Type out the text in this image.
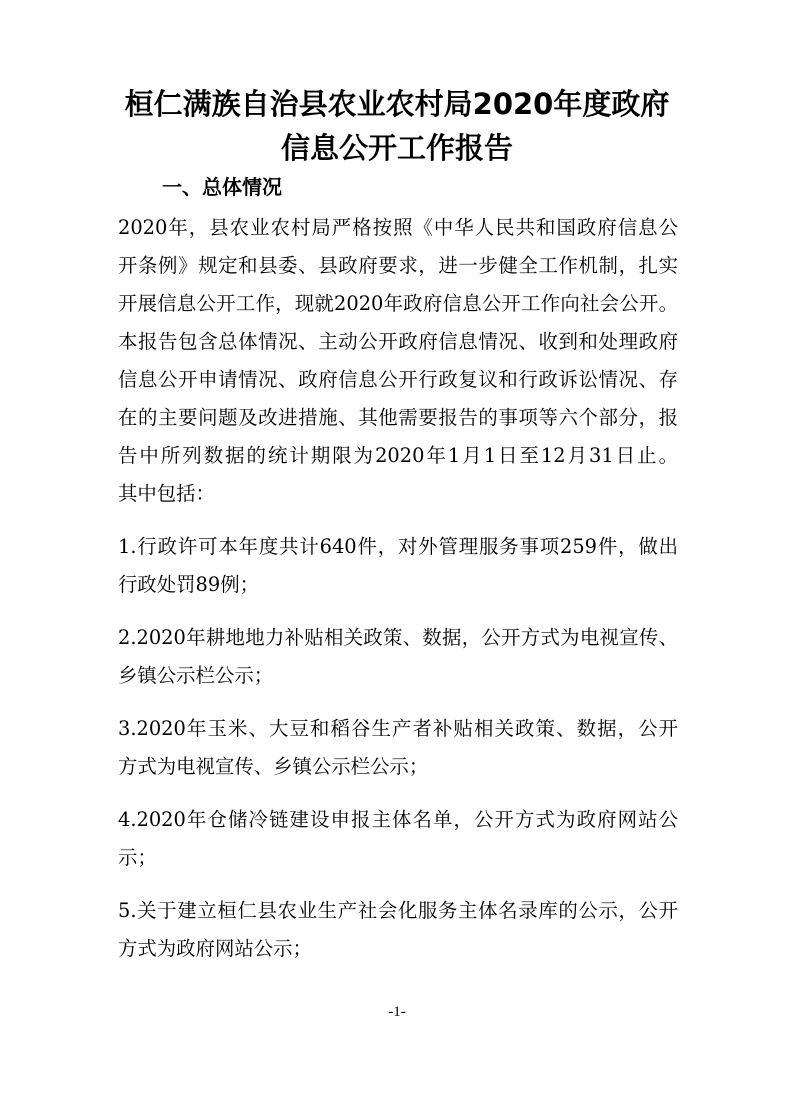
桓仁满族自治县农业农村局2020年度政府
信息公开工作报告
一、总体情况
2020年，县农业农村局严格按照《中华人民共和国政府信息公
开条例》规定和县委、县政府要求，进一步健全工作机制，扎实
开展信息公开工作，现就2020年政府信息公开工作向社会公开。
本报告包含总体情况、主动公开政府信息情况、收到和处理政府
信息公开申请情况、政府信息公开行政复议和行政诉讼情况、存
在的主要问题及改进措施、其他需要报告的事项等六个部分，报
告中所列数据的统计期限为2020年1月1日至12月31日止。
其中包括：
1.行政许可本年度共计640件，对外管理服务事项259件，做出
行政处罚89例；
2.2020年耕地地力补贴相关政策、数据，公开方式为电视宣传、
乡镇公示栏公示；
3.2020年玉米、大豆和稻谷生产者补贴相关政策、数据，公开
方式为电视宣传、乡镇公示栏公示；
4.2020年仓储冷链建设申报主体名单，公开方式为政府网站公
示；
5.关于建立桓仁县农业生产社会化服务主体名录库的公示，公开
方式为政府网站公示；
-1-
